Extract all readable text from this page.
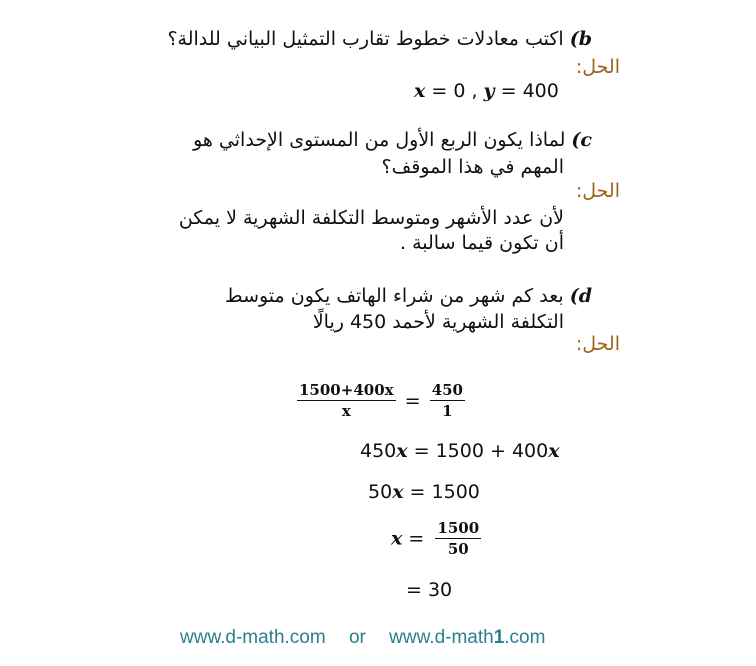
b) اكتب معادلات خطوط تقارب التمثيل البياني للدالة؟
الحل:
x = 0 , y = 400
c) لماذا يكون الربع الأول من المستوى الإحداثي هو
المهم في هذا الموقف؟
الحل:
لأن عدد الأشهر ومتوسط التكلفة الشهرية لا يمكن
أن تكون قيما سالبة .
d) بعد كم شهر من شراء الهاتف يكون متوسط
التكلفة الشهرية لأحمد 450 ريالًا
الحل:
$\frac{1500+400x}{x} = \frac{450}{1}$
450x = 1500 + 400x
50x = 1500
$x = \frac{1500}{50}$
= 30
www.d-math.com or www.d-math1.com
